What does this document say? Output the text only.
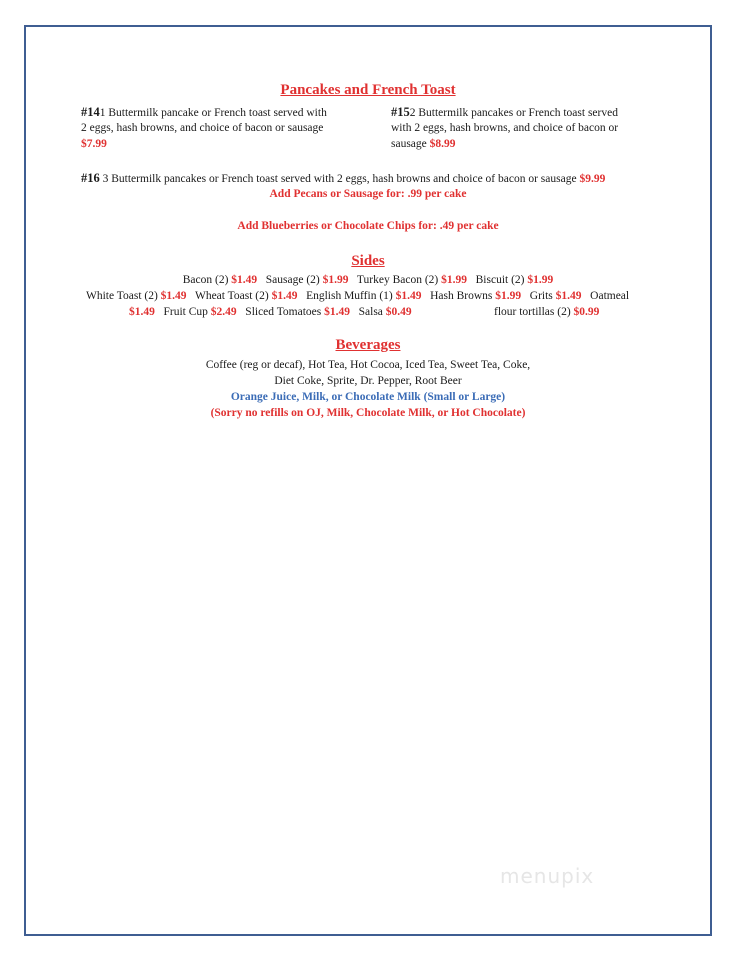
Pancakes and French Toast
#141 Buttermilk pancake or French toast served with
2 eggs, hash browns, and choice of bacon or sausage
$7.99
#152 Buttermilk pancakes or French toast served
with 2 eggs, hash browns, and choice of bacon or
sausage $8.99
#16 3 Buttermilk pancakes or French toast served with 2 eggs, hash browns and choice of bacon or sausage $9.99
Add Pecans or Sausage for: .99 per cake
Add Blueberries or Chocolate Chips for: .49 per cake
Sides
Bacon (2) $1.49 Sausage (2) $1.99 Turkey Bacon (2) $1.99 Biscuit (2) $1.99
White Toast (2) $1.49 Wheat Toast (2) $1.49 English Muffin (1) $1.49 Hash Browns $1.99 Grits $1.49 Oatmeal
$1.49 Fruit Cup $2.49 Sliced Tomatoes $1.49 Salsa $0.49	flour tortillas (2) $0.99
Beverages
Coffee (reg or decaf), Hot Tea, Hot Cocoa, Iced Tea, Sweet Tea, Coke,
Diet Coke, Sprite, Dr. Pepper, Root Beer
Orange Juice, Milk, or Chocolate Milk (Small or Large)
(Sorry no refills on OJ, Milk, Chocolate Milk, or Hot Chocolate)
menupix
